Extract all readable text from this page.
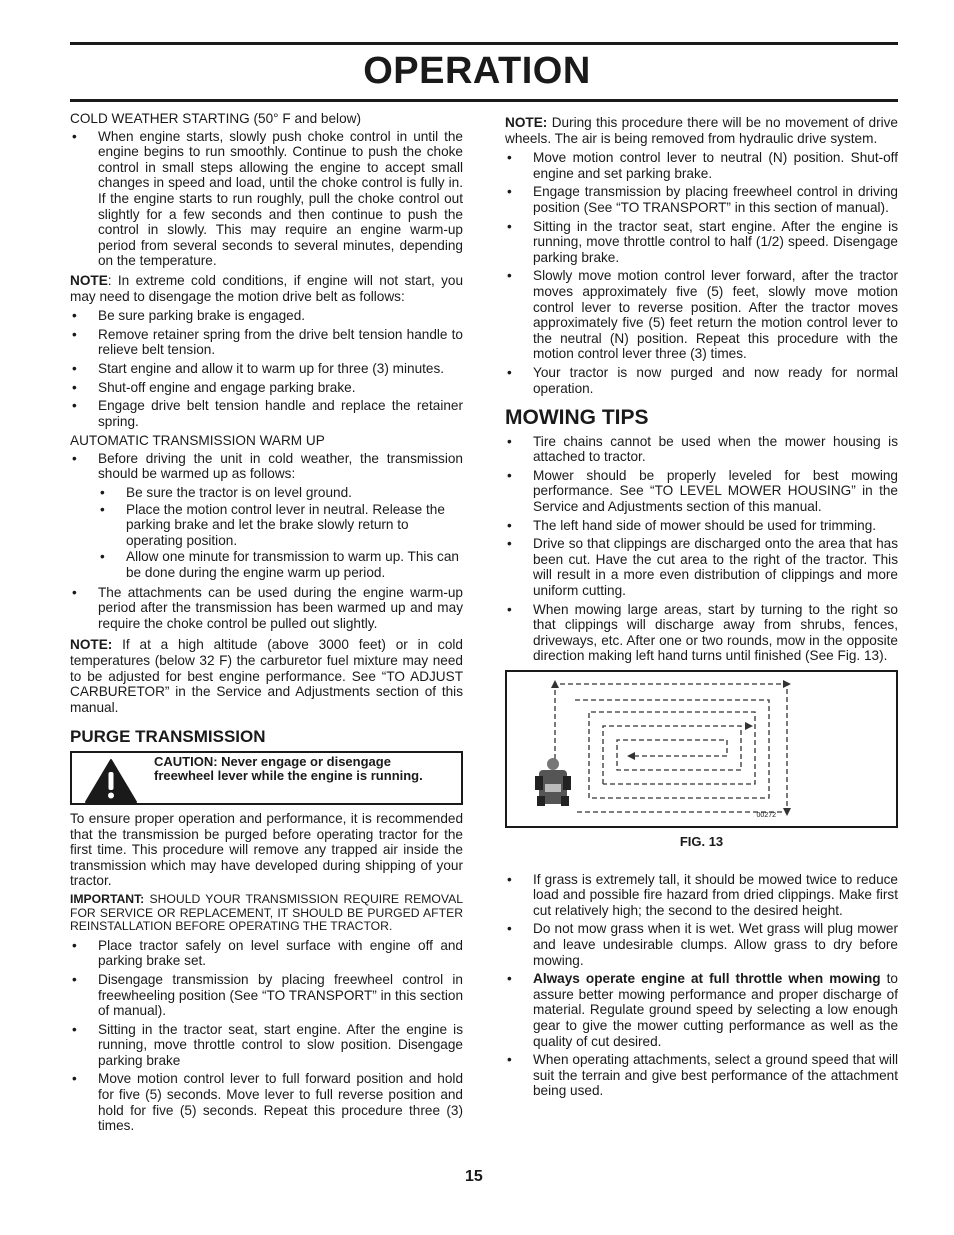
OPERATION
COLD WEATHER STARTING (50° F and below)
• When engine starts, slowly push choke control in until the engine begins to run smoothly. Continue to push the choke control in small steps allowing the engine to accept small changes in speed and load, until the choke control is fully in. If the engine starts to run roughly, pull the choke control out slightly for a few seconds and then continue to push the control in slowly. This may require an engine warm-up period from several seconds to several minutes, depending on the temperature.

NOTE: In extreme cold conditions, if engine will not start, you may need to disengage the motion drive belt as follows:

• Be sure parking brake is engaged.
• Remove retainer spring from the drive belt tension handle to relieve belt tension.
• Start engine and allow it to warm up for three (3) minutes.
• Shut-off engine and engage parking brake.
• Engage drive belt tension handle and replace the retainer spring.
AUTOMATIC TRANSMISSION WARM UP
• Before driving the unit in cold weather, the transmission should be warmed up as follows:
• Be sure the tractor is on level ground.
• Place the motion control lever in neutral. Release the parking brake and let the brake slowly return to operating position.
• Allow one minute for transmission to warm up. This can be done during the engine warm up period.
• The attachments can be used during the engine warm-up period after the transmission has been warmed up and may require the choke control be pulled out slightly.

NOTE: If at a high altitude (above 3000 feet) or in cold temperatures (below 32 F) the carburetor fuel mixture may need to be adjusted for best engine performance. See “TO ADJUST CARBURETOR” in the Service and Adjustments section of this manual.

PURGE TRANSMISSION
CAUTION: Never engage or disengage freewheel lever while the engine is running.

To ensure proper operation and performance, it is recommended that the transmission be purged before operating tractor for the first time. This procedure will remove any trapped air inside the transmission which may have developed during shipping of your tractor.

IMPORTANT: SHOULD YOUR TRANSMISSION REQUIRE REMOVAL FOR SERVICE OR REPLACEMENT, IT SHOULD BE PURGED AFTER REINSTALLATION BEFORE OPERATING THE TRACTOR.

• Place tractor safely on level surface with engine off and parking brake set.
• Disengage transmission by placing freewheel control in freewheeling position (See “TO TRANSPORT” in this section of manual).
• Sitting in the tractor seat, start engine. After the engine is running, move throttle control to slow position. Disengage parking brake
• Move motion control lever to full forward position and hold for five (5) seconds. Move lever to full reverse position and hold for five (5) seconds. Repeat this procedure three (3) times.

NOTE: During this procedure there will be no movement of drive wheels. The air is being removed from hydraulic drive system.

• Move motion control lever to neutral (N) position. Shut-off engine and set parking brake.
• Engage transmission by placing freewheel control in driving position (See “TO TRANSPORT” in this section of manual).
• Sitting in the tractor seat, start engine. After the engine is running, move throttle control to half (1/2) speed. Disengage parking brake.
• Slowly move motion control lever forward, after the tractor moves approximately five (5) feet, slowly move motion control lever to reverse position. After the tractor moves approximately five (5) feet return the motion control lever to the neutral (N) position. Repeat this procedure with the motion control lever three (3) times.
• Your tractor is now purged and now ready for normal operation.
MOWING TIPS
• Tire chains cannot be used when the mower housing is attached to tractor.
• Mower should be properly leveled for best mowing performance. See “TO LEVEL MOWER HOUSING” in the Service and Adjustments section of this manual.
• The left hand side of mower should be used for trimming.
• Drive so that clippings are discharged onto the area that has been cut. Have the cut area to the right of the tractor. This will result in a more even distribution of clippings and more uniform cutting.
• When mowing large areas, start by turning to the right so that clippings will discharge away from shrubs, fences, driveways, etc. After one or two rounds, mow in the opposite direction making left hand turns until finished (See Fig. 13).
00272
FIG. 13
• If grass is extremely tall, it should be mowed twice to reduce load and possible fire hazard from dried clippings. Make first cut relatively high; the second to the desired height.
• Do not mow grass when it is wet. Wet grass will plug mower and leave undesirable clumps. Allow grass to dry before mowing.
• Always operate engine at full throttle when mowing to assure better mowing performance and proper discharge of material. Regulate ground speed by selecting a low enough gear to give the mower cutting performance as well as the quality of cut desired.
• When operating attachments, select a ground speed that will suit the terrain and give best performance of the attachment being used.
15
